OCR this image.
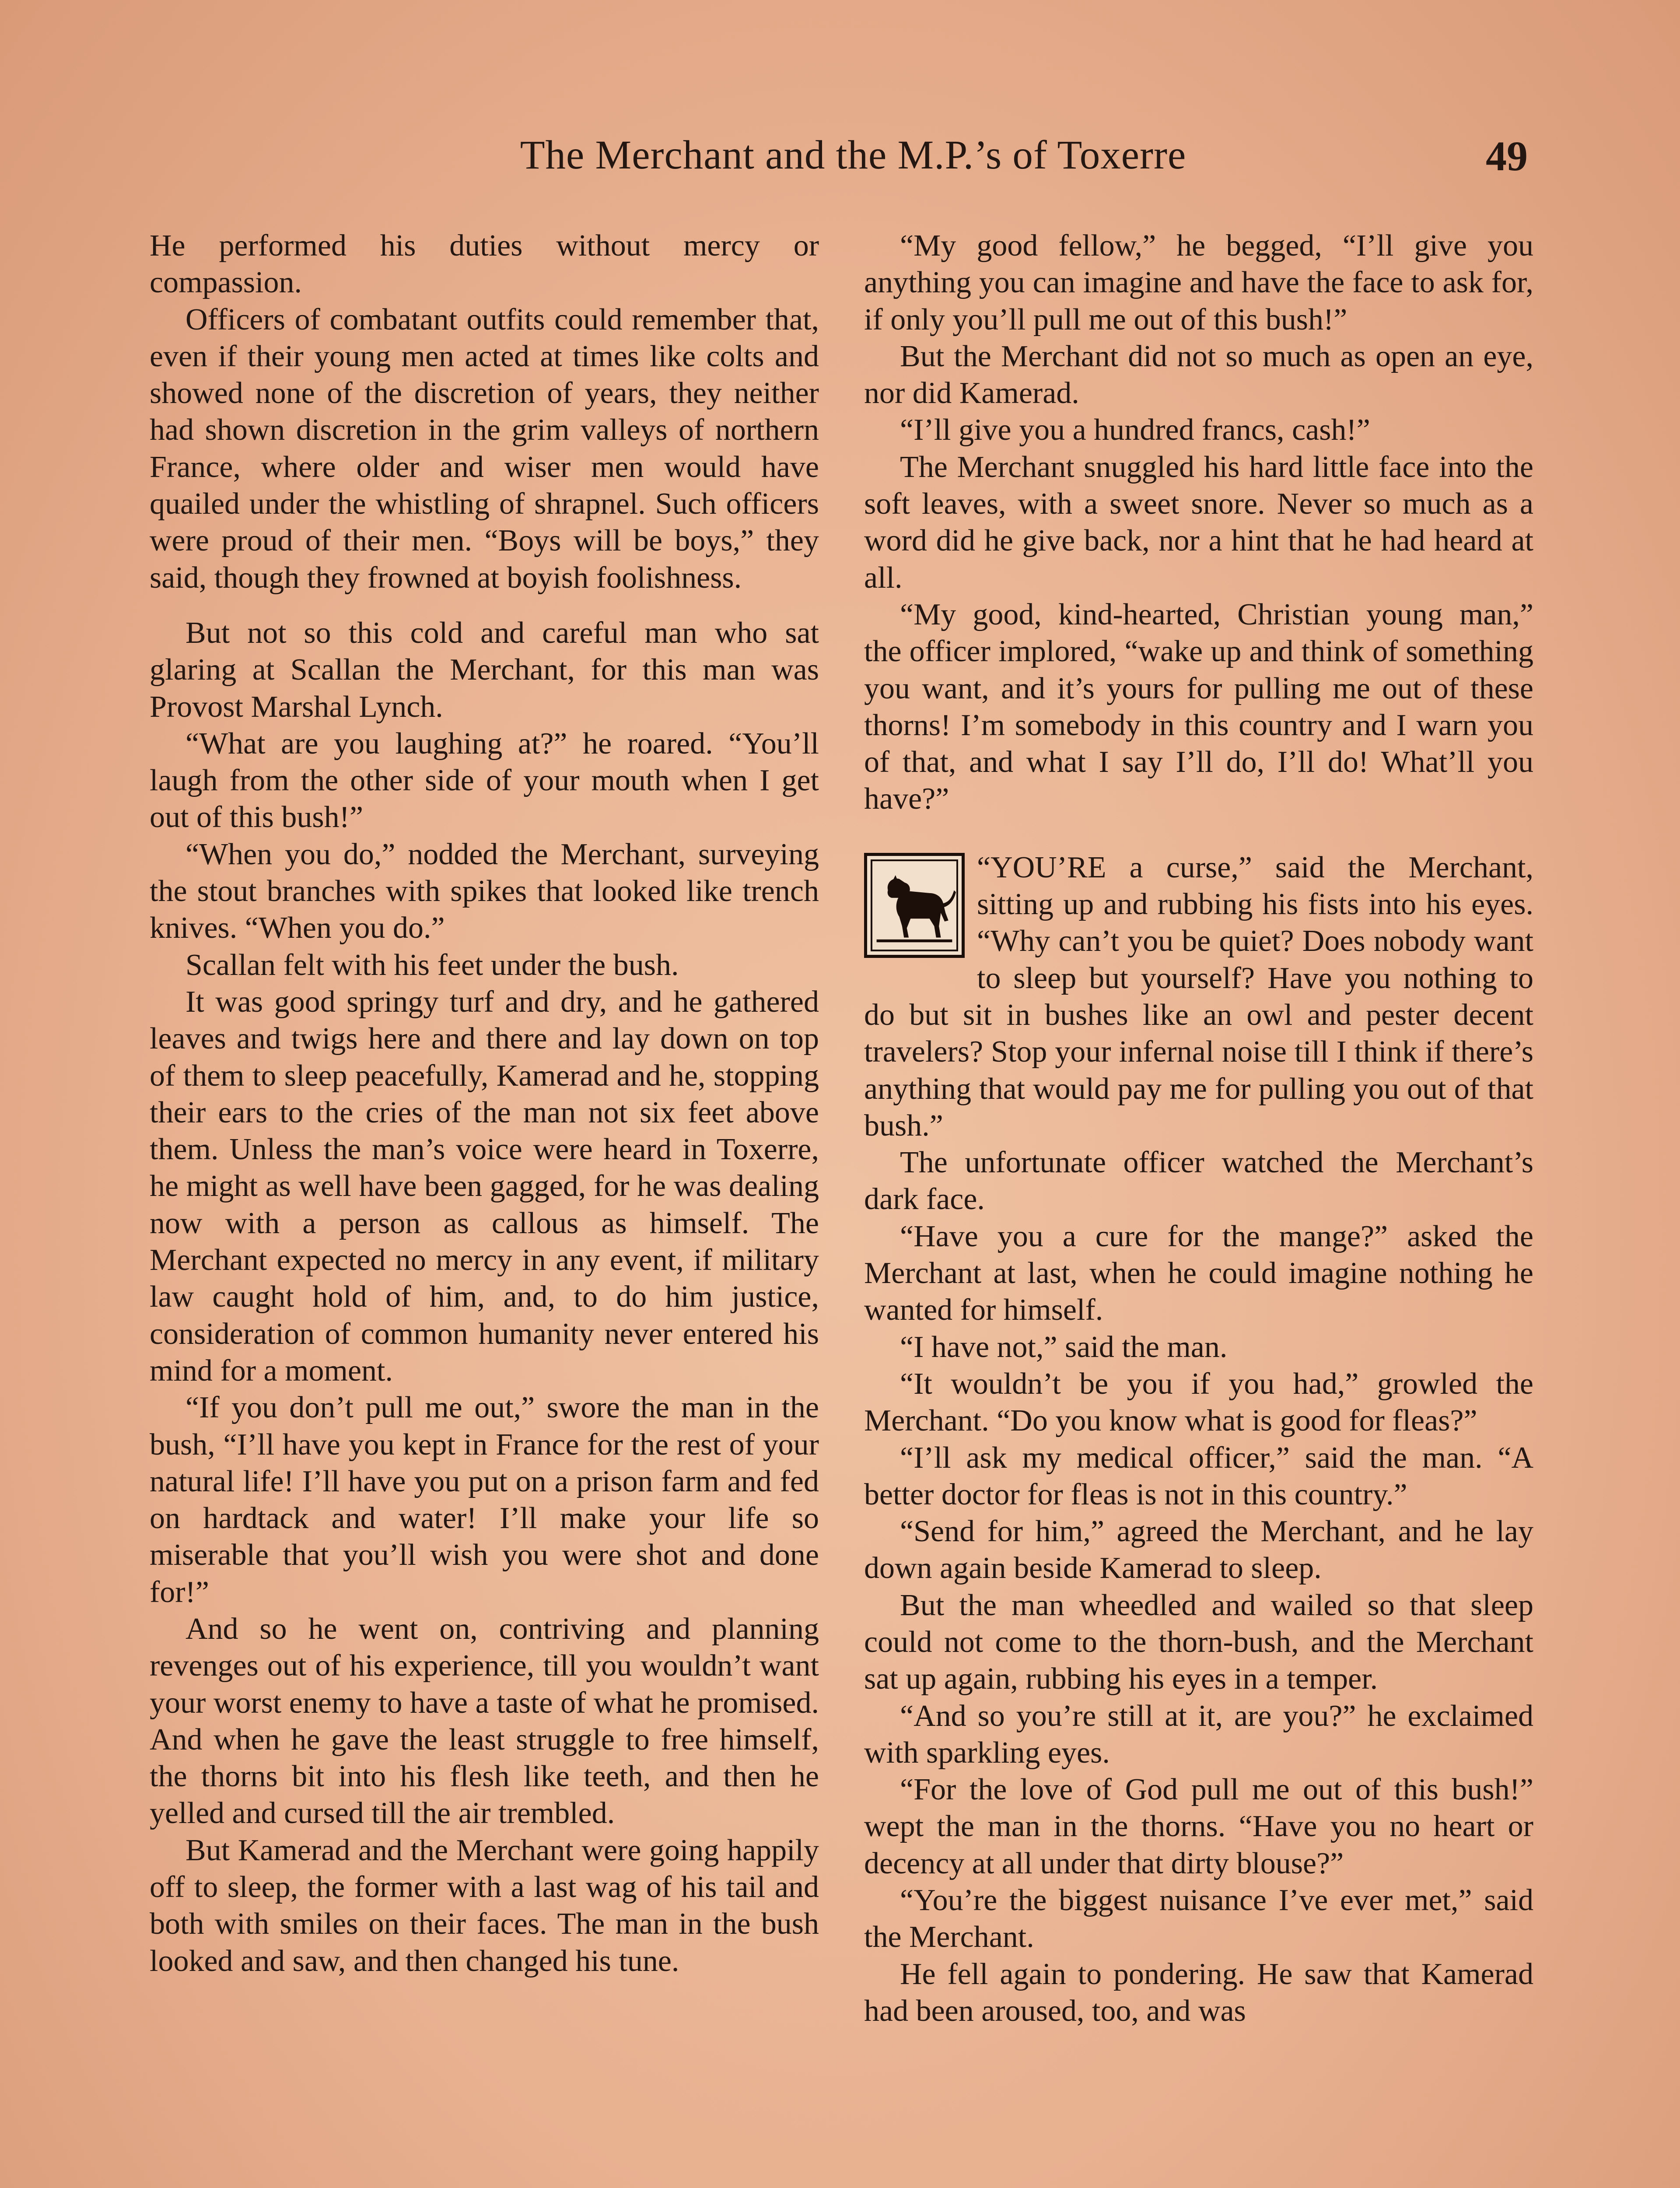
The Merchant and the M.P.’s of Toxerre	49

He performed his duties without mercy or compassion.

Officers of combatant outfits could remember that, even if their young men acted at times like colts and showed none of the discretion of years, they neither had shown discretion in the grim valleys of northern France, where older and wiser men would have quailed under the whistling of shrapnel. Such officers were proud of their men. “Boys will be boys,” they said, though they frowned at boyish foolishness.

But not so this cold and careful man who sat glaring at Scallan the Merchant, for this man was Provost Marshal Lynch.

“What are you laughing at?” he roared. “You’ll laugh from the other side of your mouth when I get out of this bush!”

“When you do,” nodded the Merchant, surveying the stout branches with spikes that looked like trench knives. “When you do.”

Scallan felt with his feet under the bush.

It was good springy turf and dry, and he gathered leaves and twigs here and there and lay down on top of them to sleep peacefully, Kamerad and he, stopping their ears to the cries of the man not six feet above them. Unless the man’s voice were heard in Toxerre, he might as well have been gagged, for he was dealing now with a person as callous as himself. The Merchant expected no mercy in any event, if military law caught hold of him, and, to do him justice, consideration of common humanity never entered his mind for a moment.

“If you don’t pull me out,” swore the man in the bush, “I’ll have you kept in France for the rest of your natural life! I’ll have you put on a prison farm and fed on hardtack and water! I’ll make your life so miserable that you’ll wish you were shot and done for!”

And so he went on, contriving and planning revenges out of his experience, till you wouldn’t want your worst enemy to have a taste of what he promised. And when he gave the least struggle to free himself, the thorns bit into his flesh like teeth, and then he yelled and cursed till the air trembled.

But Kamerad and the Merchant were going happily off to sleep, the former with a last wag of his tail and both with smiles on their faces. The man in the bush looked and saw, and then changed his tune.

“My good fellow,” he begged, “I’ll give you anything you can imagine and have the face to ask for, if only you’ll pull me out of this bush!”

But the Merchant did not so much as open an eye, nor did Kamerad.

“I’ll give you a hundred francs, cash!”

The Merchant snuggled his hard little face into the soft leaves, with a sweet snore. Never so much as a word did he give back, nor a hint that he had heard at all.

“My good, kind-hearted, Christian young man,” the officer implored, “wake up and think of something you want, and it’s yours for pulling me out of these thorns! I’m somebody in this country and I warn you of that, and what I say I’ll do, I’ll do! What’ll you have?”

“YOU’RE a curse,” said the Merchant, sitting up and rubbing his fists into his eyes. “Why can’t you be quiet? Does nobody want to sleep but yourself? Have you nothing to do but sit in bushes like an owl and pester decent travelers? Stop your infernal noise till I think if there’s anything that would pay me for pulling you out of that bush.”

The unfortunate officer watched the Merchant’s dark face.

“Have you a cure for the mange?” asked the Merchant at last, when he could imagine nothing he wanted for himself.

“I have not,” said the man.

“It wouldn’t be you if you had,” growled the Merchant. “Do you know what is good for fleas?”

“I’ll ask my medical officer,” said the man. “A better doctor for fleas is not in this country.”

“Send for him,” agreed the Merchant, and he lay down again beside Kamerad to sleep.

But the man wheedled and wailed so that sleep could not come to the thorn-bush, and the Merchant sat up again, rubbing his eyes in a temper.

“And so you’re still at it, are you?” he exclaimed with sparkling eyes.

“For the love of God pull me out of this bush!” wept the man in the thorns. “Have you no heart or decency at all under that dirty blouse?”

“You’re the biggest nuisance I’ve ever met,” said the Merchant.

He fell again to pondering. He saw that Kamerad had been aroused, too, and was
